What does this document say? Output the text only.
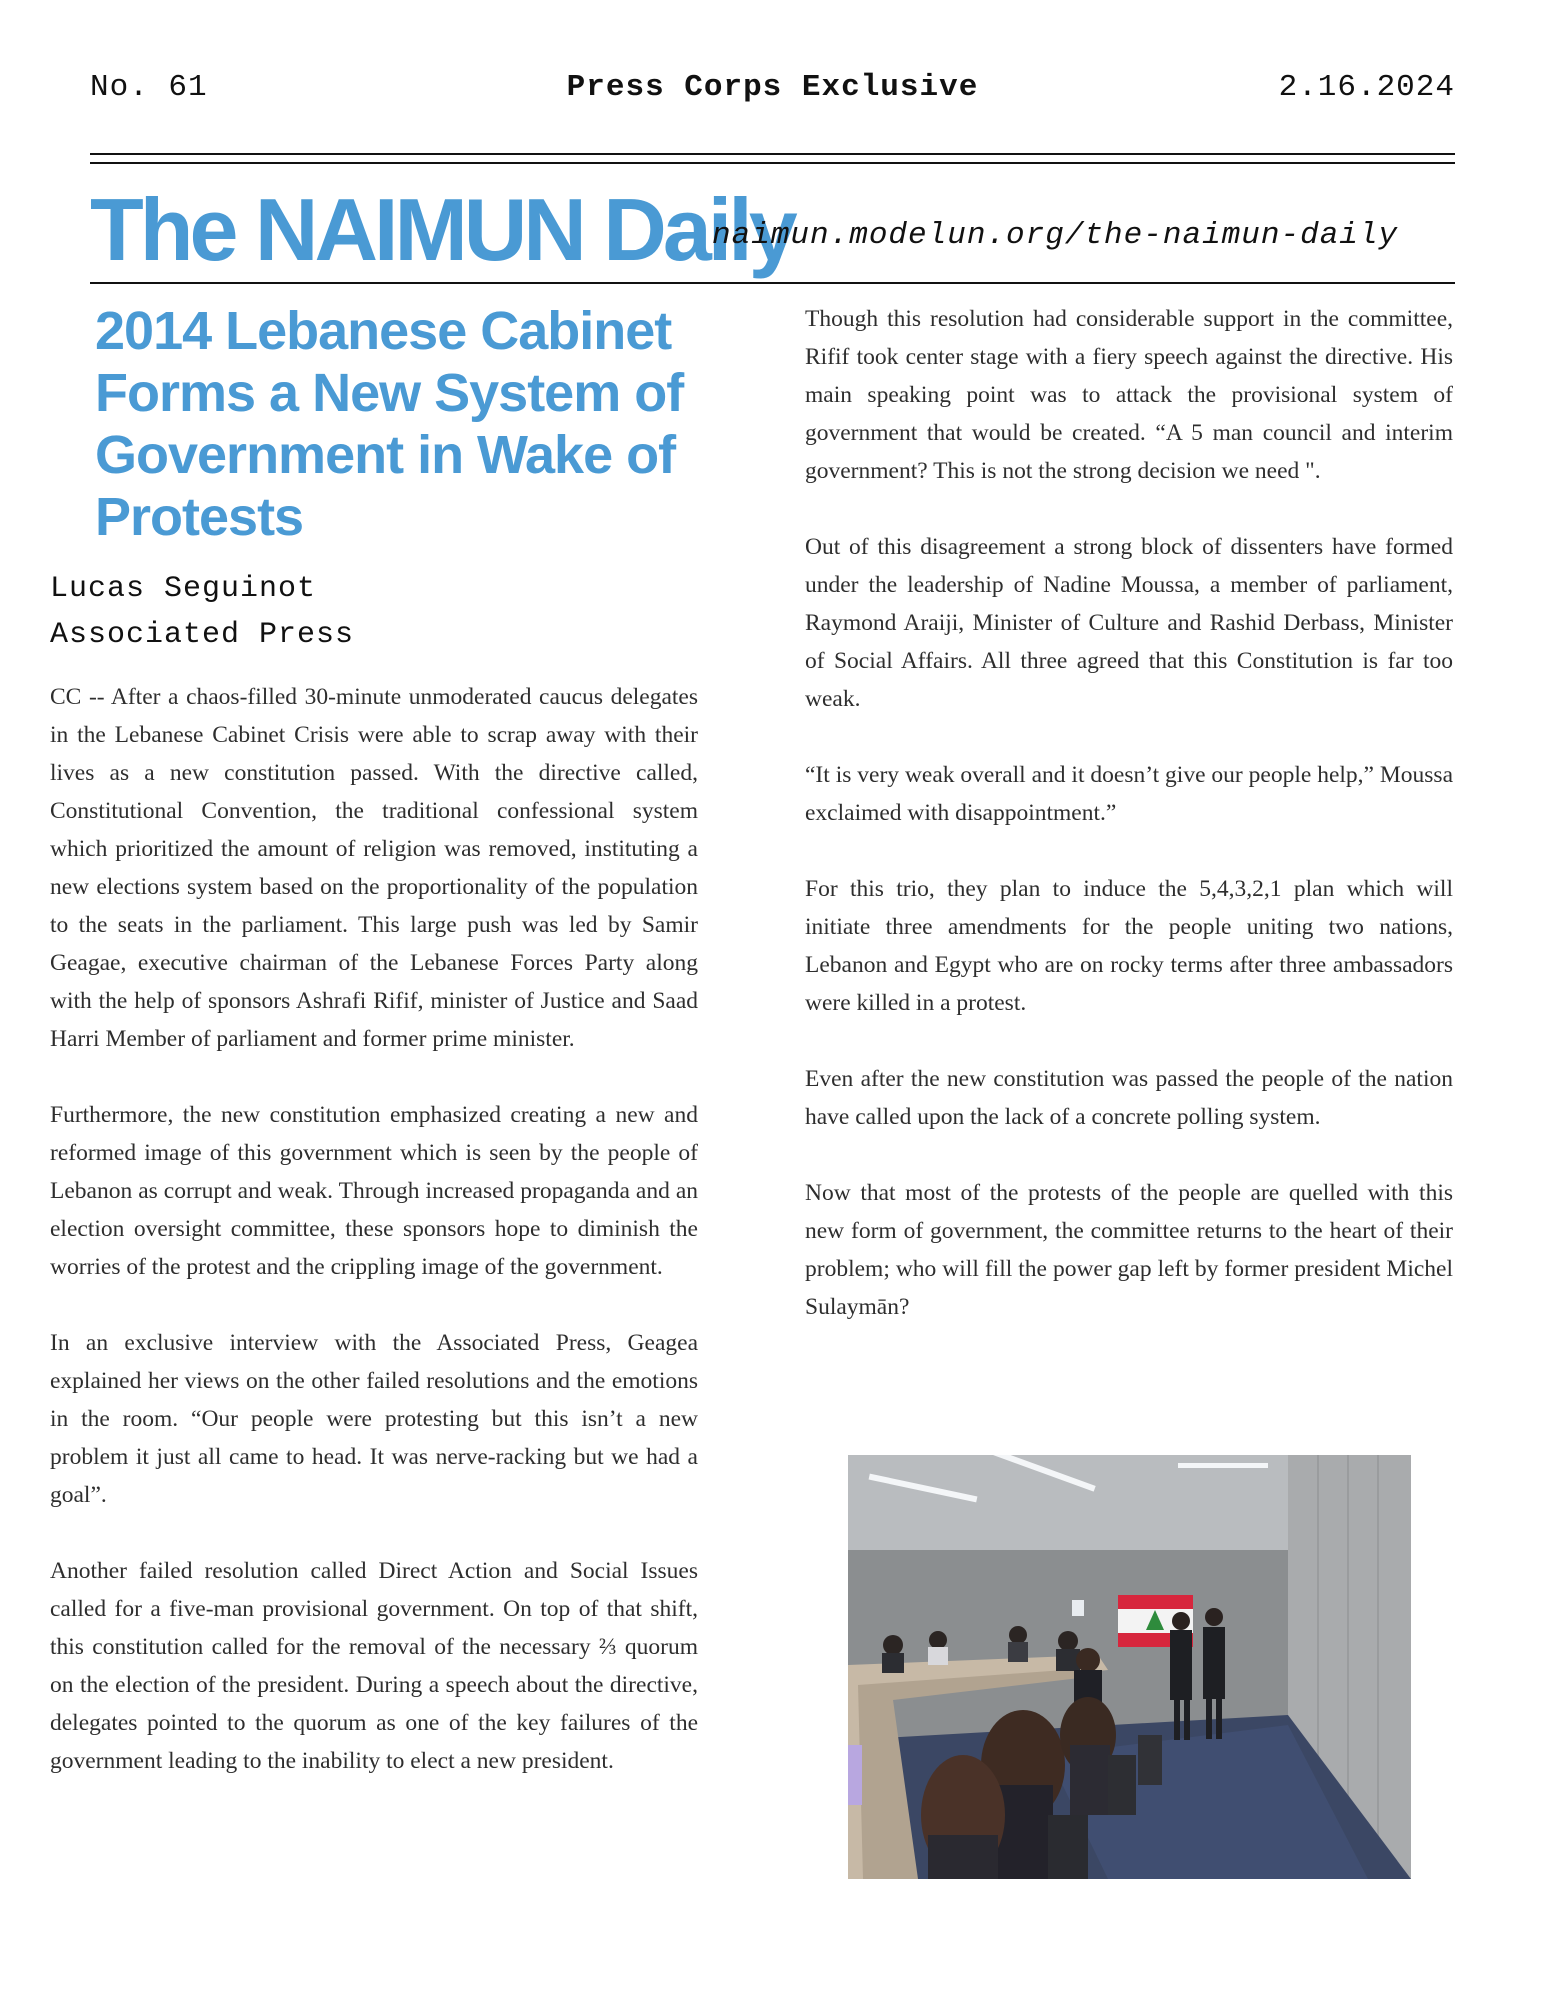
No. 61	Press Corps Exclusive	2.16.2024
The NAIMUN Daily
naimun.modelun.org/the-naimun-daily
2014 Lebanese Cabinet Forms a New System of Government in Wake of Protests
Lucas Seguinot
Associated Press

CC -- After a chaos-filled 30-minute unmoderated caucus delegates in the Lebanese Cabinet Crisis were able to scrap away with their lives as a new constitution passed. With the directive called, Constitutional Convention, the traditional confessional system which prioritized the amount of religion was removed, instituting a new elections system based on the proportionality of the population to the seats in the parliament. This large push was led by Samir Geagae, executive chairman of the Lebanese Forces Party along with the help of sponsors Ashrafi Rifif, minister of Justice and Saad Harri Member of parliament and former prime minister.

Furthermore, the new constitution emphasized creating a new and reformed image of this government which is seen by the people of Lebanon as corrupt and weak. Through increased propaganda and an election oversight committee, these sponsors hope to diminish the worries of the protest and the crippling image of the government.

In an exclusive interview with the Associated Press, Geagea explained her views on the other failed resolutions and the emotions in the room. “Our people were protesting but this isn’t a new problem it just all came to head. It was nerve-racking but we had a goal”.

Another failed resolution called Direct Action and Social Issues called for a five-man provisional government. On top of that shift, this constitution called for the removal of the necessary ⅔ quorum on the election of the president. During a speech about the directive, delegates pointed to the quorum as one of the key failures of the government leading to the inability to elect a new president.

Though this resolution had considerable support in the committee, Rifif took center stage with a fiery speech against the directive. His main speaking point was to attack the provisional system of government that would be created. “A 5 man council and interim government? This is not the strong decision we need ".

Out of this disagreement a strong block of dissenters have formed under the leadership of Nadine Moussa, a member of parliament, Raymond Araiji, Minister of Culture and Rashid Derbass, Minister of Social Affairs. All three agreed that this Constitution is far too weak.

“It is very weak overall and it doesn’t give our people help,” Moussa exclaimed with disappointment.”

For this trio, they plan to induce the 5,4,3,2,1 plan which will initiate three amendments for the people uniting two nations, Lebanon and Egypt who are on rocky terms after three ambassadors were killed in a protest.

Even after the new constitution was passed the people of the nation have called upon the lack of a concrete polling system.

Now that most of the protests of the people are quelled with this new form of government, the committee returns to the heart of their problem; who will fill the power gap left by former president Michel Sulaymān?
